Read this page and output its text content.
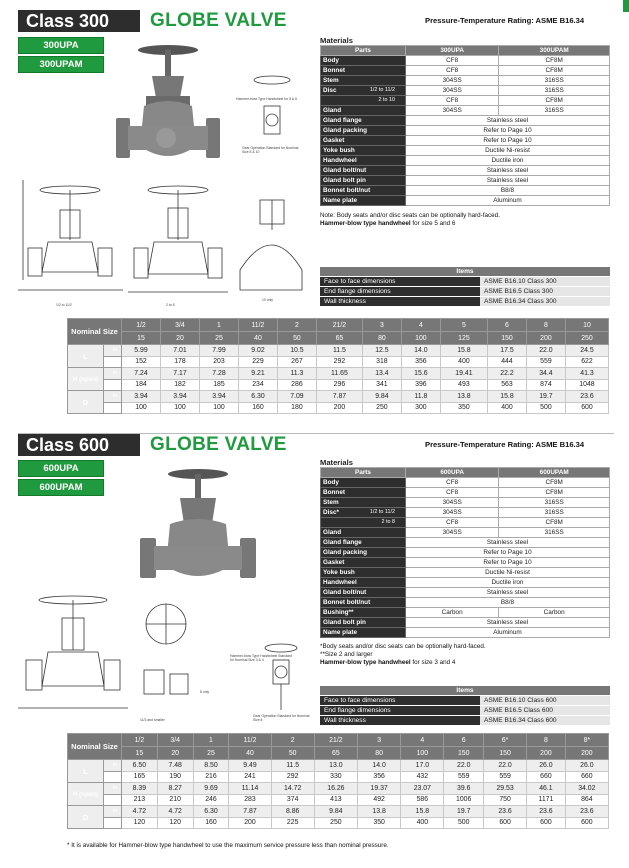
Class 300	GLOBE VALVE	Pressure-Temperature Rating: ASME B16.34
300UPA
300UPAM
Hammer-blow Type Handwheel for 5 & 6
Gear Operation Standard for Nominal Size 8 & 10
1/2 to 11/2	2 to 8
10 only
Materials
Parts	300UPA	300UPAM
Body	CF8	CF8M
Bonnet	CF8	CF8M
Stem	304SS	316SS
Disc 1/2 to 11/2	304SS	316SS

2 to 10	CF8	CF8M
Gland	304SS	316SS
Gland flange	Stainless steel	
Gland packing	Refer to Page 10	
Gasket	Refer to Page 10	
Yoke bush	Ductile Ni-resist	
Handwheel	Ductile iron	
Gland bolt/nut	Stainless steel	
Gland bolt pin	Stainless steel	
Bonnet bolt/nut	B8/8	
Name plate	Aluminum	
Note: Body seats and/or disc seats can be optionally hard-faced.
Hammer-blow type handwheel for size 5 and 6
Items	
Face to face dimensions	ASME B16.10 Class 300
End flange dimensions	ASME B16.5 Class 300
Wall thickness	ASME B16.34 Class 300
Nominal Size		1/2	3/4	1	11/2	2	21/2	3	4	5	6	8	10
		15	20	25	40	50	65	80	100	125	150	200	250
L	in.	5.99	7.01	7.99	9.02	10.5	11.5	12.5	14.0	15.8	17.5	22.0	24.5
	mm	152	178	203	229	267	292	318	356	400	444	559	622
H (open)	in.	7.24	7.17	7.28	9.21	11.3	11.65	13.4	15.6	19.41	22.2	34.4	41.3
	mm	184	182	185	234	286	296	341	396	493	563	874	1048
D	in.	3.94	3.94	3.94	6.30	7.09	7.87	9.84	11.8	13.8	15.8	19.7	23.6
	mm	100	100	100	160	180	200	250	300	350	400	500	600
Class 600	GLOBE VALVE	Pressure-Temperature Rating: ASME B16.34
600UPA
600UPAM
Hammer-blow Type Handwheel Standard for Nominal Size 3 & 4
Gear Operation Standard for Nominal Size 8
11/2 and smaller
8 only
Materials
Parts	600UPA	600UPAM
Body	CF8	CF8M
Bonnet	CF8	CF8M
Stem	304SS	316SS
Disc* 1/2 to 11/2	304SS	316SS

2 to 8	CF8	CF8M
Gland	304SS	316SS
Gland flange	Stainless steel	
Gland packing	Refer to Page 10	
Gasket	Refer to Page 10	
Yoke bush	Ductile Ni-resist	
Handwheel	Ductile iron	
Gland bolt/nut	Stainless steel	
Bonnet bolt/nut	B8/8	
Bushing**	Carbon	Carbon
Gland bolt pin	Stainless steel	
Name plate	Aluminum	
*Body seats and/or disc seats can be optionally hard-faced.
**Size 2 and larger
Hammer-blow type handwheel for size 3 and 4
Items	
Face to face dimensions	ASME B16.10 Class 600
End flange dimensions	ASME B16.5 Class 600
Wall thickness	ASME B16.34 Class 600
Nominal Size		1/2	3/4	1	11/2	2	21/2	3	4	6	6*	8	8*
		15	20	25	40	50	65	80	100	150	150	200	200
L	in.	6.50	7.48	8.50	9.49	11.5	13.0	14.0	17.0	22.0	22.0	26.0	26.0
	mm	165	190	216	241	292	330	356	432	559	559	660	660
H (open)	in.	8.39	8.27	9.69	11.14	14.72	16.26	19.37	23.07	39.6	29.53	46.1	34.02
	mm	213	210	246	283	374	413	492	586	1006	750	1171	864
D	in.	4.72	4.72	6.30	7.87	8.86	9.84	13.8	15.8	19.7	23.6	23.6	23.6
	mm	120	120	160	200	225	250	350	400	500	600	600	600
* It is available for Hammer-blow type handwheel to use the maximum service pressure less than nominal pressure.
